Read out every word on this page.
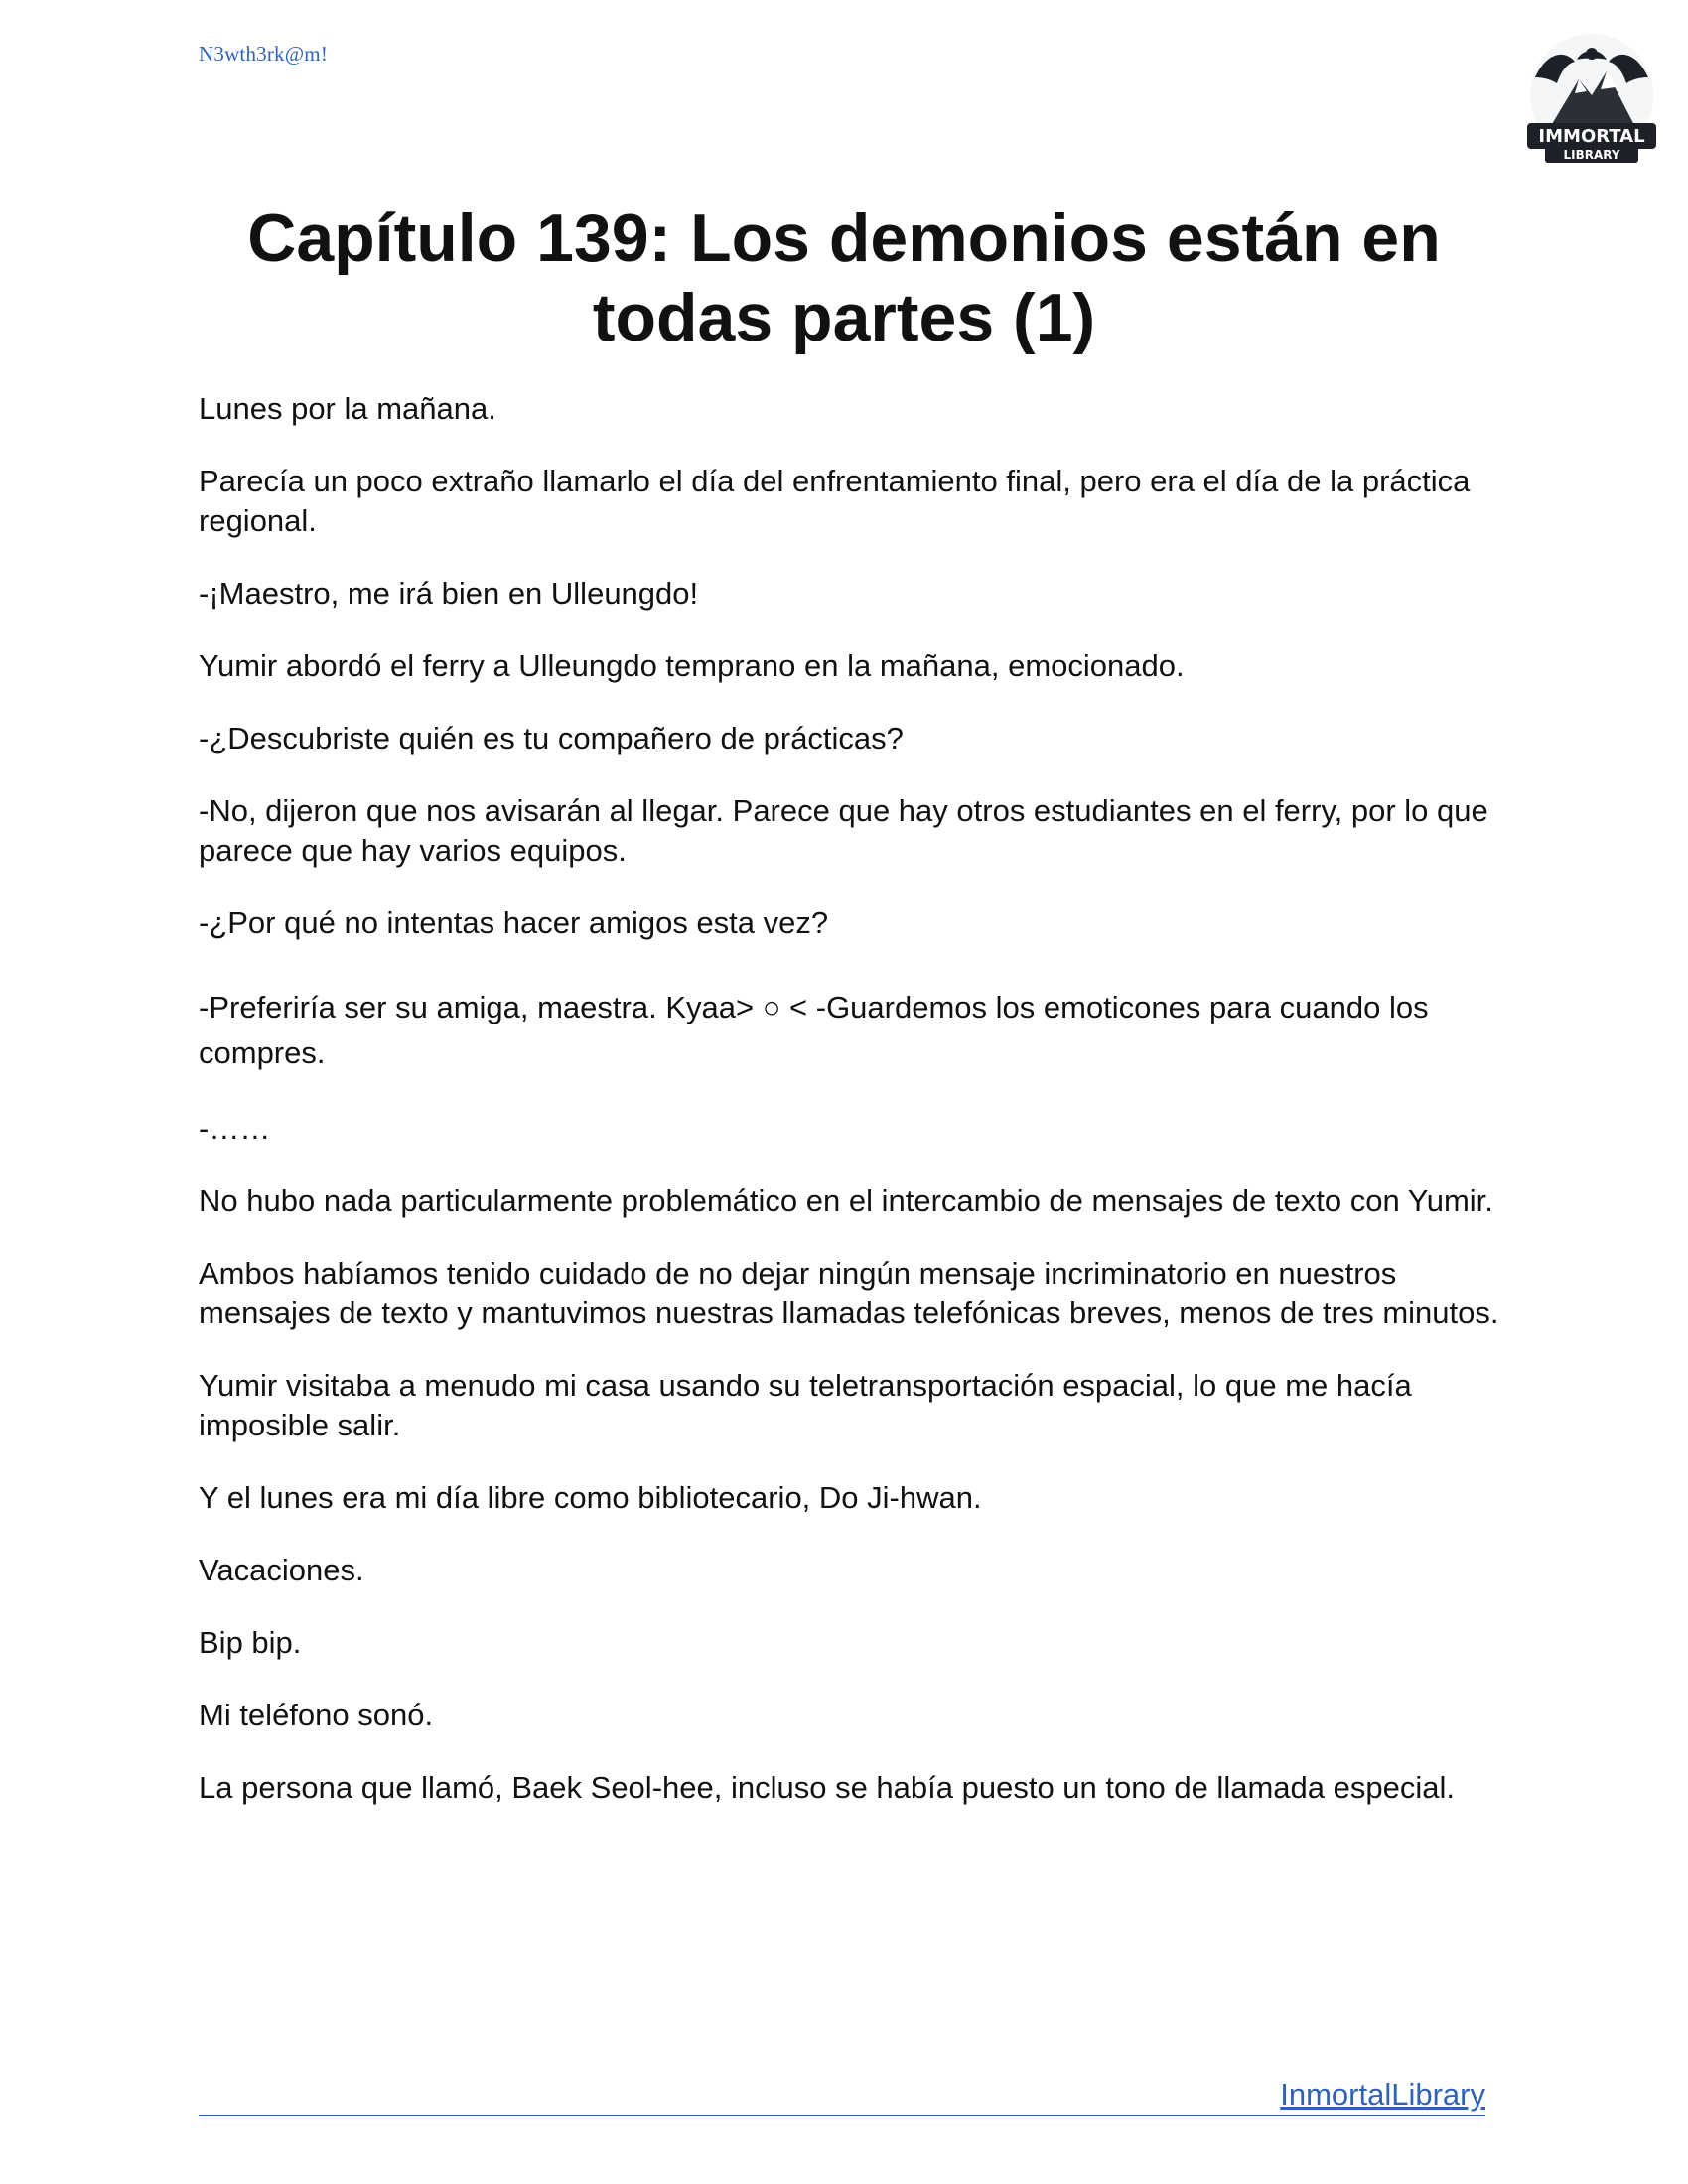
N3wth3rk@m!
IMMORTAL
LIBRARY
Capítulo 139: Los demonios están en todas partes (1)

Lunes por la mañana.

Parecía un poco extraño llamarlo el día del enfrentamiento final, pero era el día de la práctica regional.

-¡Maestro, me irá bien en Ulleungdo!

Yumir abordó el ferry a Ulleungdo temprano en la mañana, emocionado.

-¿Descubriste quién es tu compañero de prácticas?

-No, dijeron que nos avisarán al llegar. Parece que hay otros estudiantes en el ferry, por lo que parece que hay varios equipos.

-¿Por qué no intentas hacer amigos esta vez?

-Preferiría ser su amiga, maestra. Kyaa> ○ < -Guardemos los emoticones para cuando los compres.

-……

No hubo nada particularmente problemático en el intercambio de mensajes de texto con Yumir.

Ambos habíamos tenido cuidado de no dejar ningún mensaje incriminatorio en nuestros mensajes de texto y mantuvimos nuestras llamadas telefónicas breves, menos de tres minutos.

Yumir visitaba a menudo mi casa usando su teletransportación espacial, lo que me hacía imposible salir.

Y el lunes era mi día libre como bibliotecario, Do Ji-hwan.

Vacaciones.

Bip bip.

Mi teléfono sonó.

La persona que llamó, Baek Seol-hee, incluso se había puesto un tono de llamada especial.

InmortalLibrary
